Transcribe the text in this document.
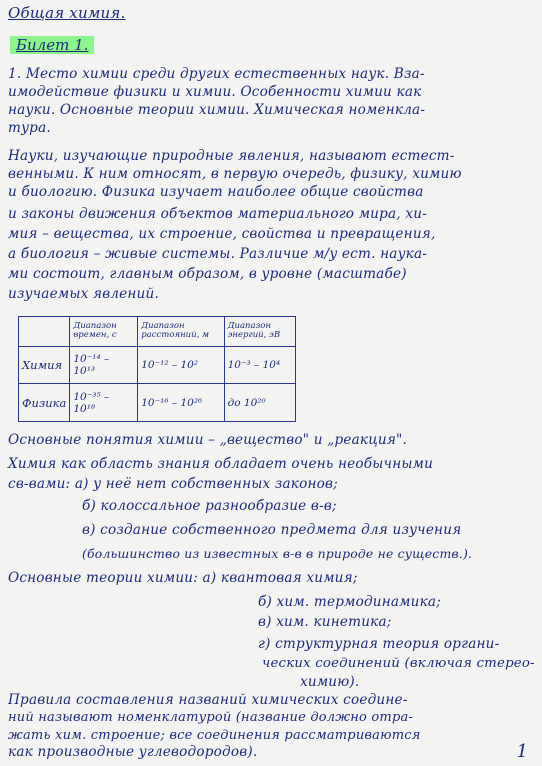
Общая химия.
Билет 1.
1. Место химии среди других естественных наук. Вза-
имодействие физики и химии. Особенности химии как
науки. Основные теории химии. Химическая номенкла-
тура.
Науки, изучающие природные явления, называют естест-
венными. К ним относят, в первую очередь, физику, химию
и биологию. Физика изучает наиболее общие свойства
и законы движения объектов материального мира, хи-
мия – вещества, их строение, свойства и превращения,
а биология – живые системы. Различие м/у ест. наука-
ми состоит, главным образом, в уровне (масштабе)
изучаемых явлений.
	Диапазон времен, с	Диапазон расстояний, м	Диапазон энергий, эВ
Химия	10⁻¹⁴ – 10¹³	10⁻¹² – 10²	10⁻³ – 10⁴
Физика	10⁻³⁵ – 10¹⁸	10⁻¹⁶ – 10²⁶	до 10²⁰
Основные понятия химии – „вещество" и „реакция".
Химия как область знания обладает очень необычными
св-вами: а) у неё нет собственных законов;
б) колоссальное разнообразие в-в;
в) создание собственного предмета для изучения
(большинство из известных в-в в природе не существ.).
Основные теории химии: а) квантовая химия;
б) хим. термодинамика;
в) хим. кинетика;
г) структурная теория органи-
ческих соединений (включая стерео-
химию).
Правила составления названий химических соедине-
ний называют номенклатурой (название должно отра-
жать хим. строение; все соединения рассматриваются
как производные углеводородов).	1
